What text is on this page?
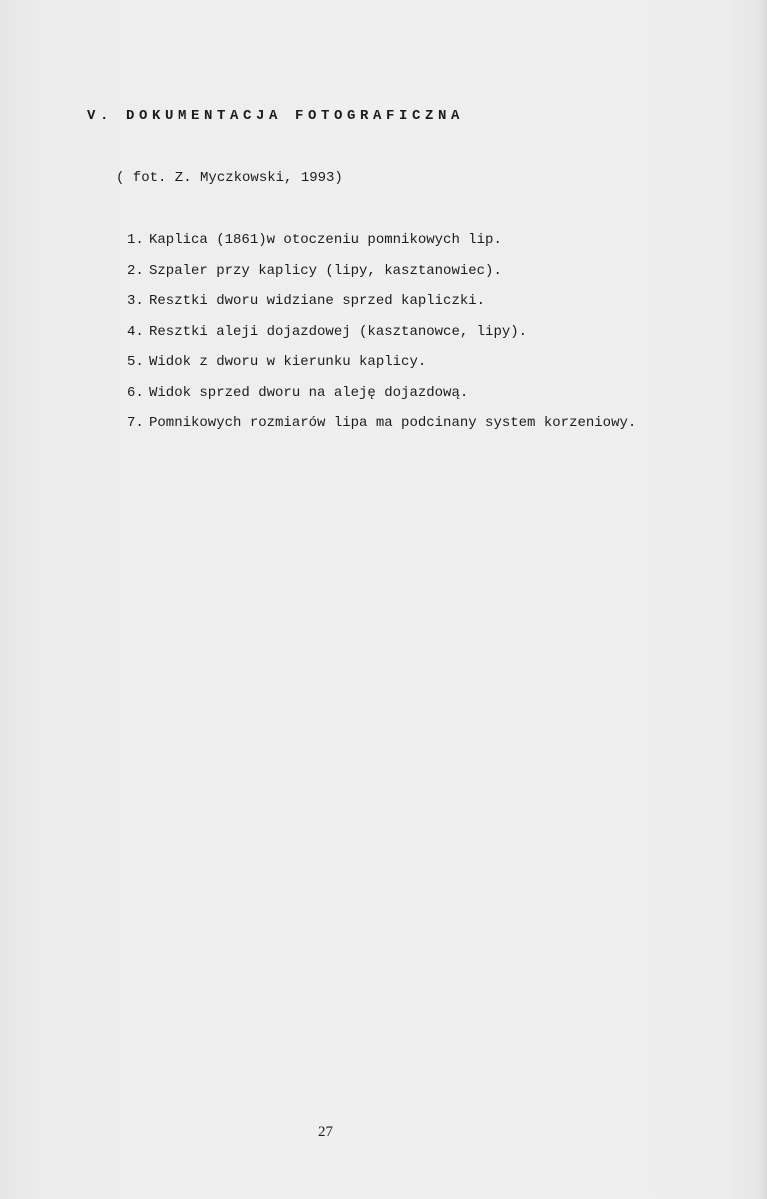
V. DOKUMENTACJA FOTOGRAFICZNA
( fot. Z. Myczkowski, 1993)
1. Kaplica (1861)w otoczeniu pomnikowych lip.
2. Szpaler przy kaplicy (lipy, kasztanowiec).
3. Resztki dworu widziane sprzed kapliczki.
4. Resztki aleji dojazdowej (kasztanowce, lipy).
5. Widok z dworu w kierunku kaplicy.
6. Widok sprzed dworu na aleję dojazdową.
7. Pomnikowych rozmiarów lipa ma podcinany system korzeniowy.
27
